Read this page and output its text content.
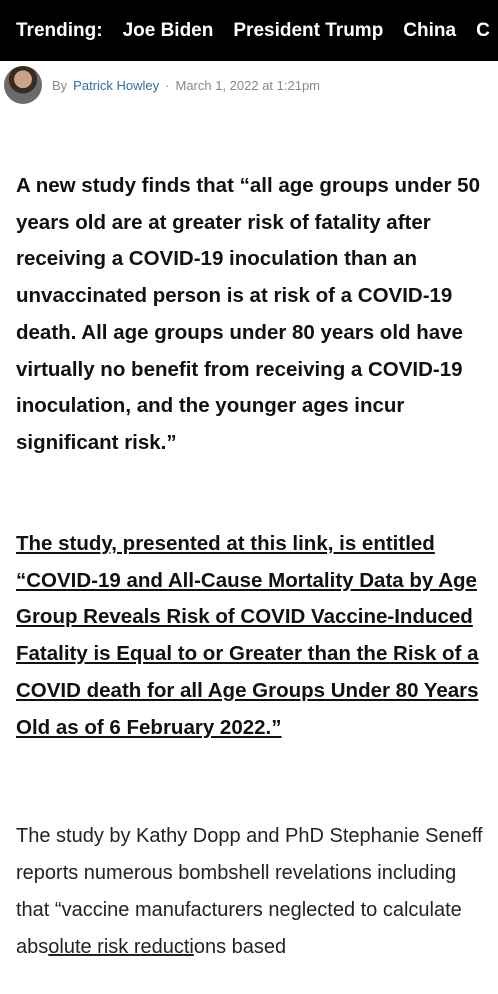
Trending: Joe Biden President Trump China C
By Patrick Howley · March 1, 2022 at 1:21pm

A new study finds that “all age groups under 50 years old are at greater risk of fatality after receiving a COVID-19 inoculation than an unvaccinated person is at risk of a COVID-19 death. All age groups under 80 years old have virtually no benefit from receiving a COVID-19 inoculation, and the younger ages incur significant risk.”

The study, presented at this link, is entitled “COVID-19 and All-Cause Mortality Data by Age Group Reveals Risk of COVID Vaccine-Induced Fatality is Equal to or Greater than the Risk of a COVID death for all Age Groups Under 80 Years Old as of 6 February 2022.”

The study by Kathy Dopp and PhD Stephanie Seneff reports numerous bombshell revelations including that “vaccine manufacturers neglected to calculate absolute risk reductions based
